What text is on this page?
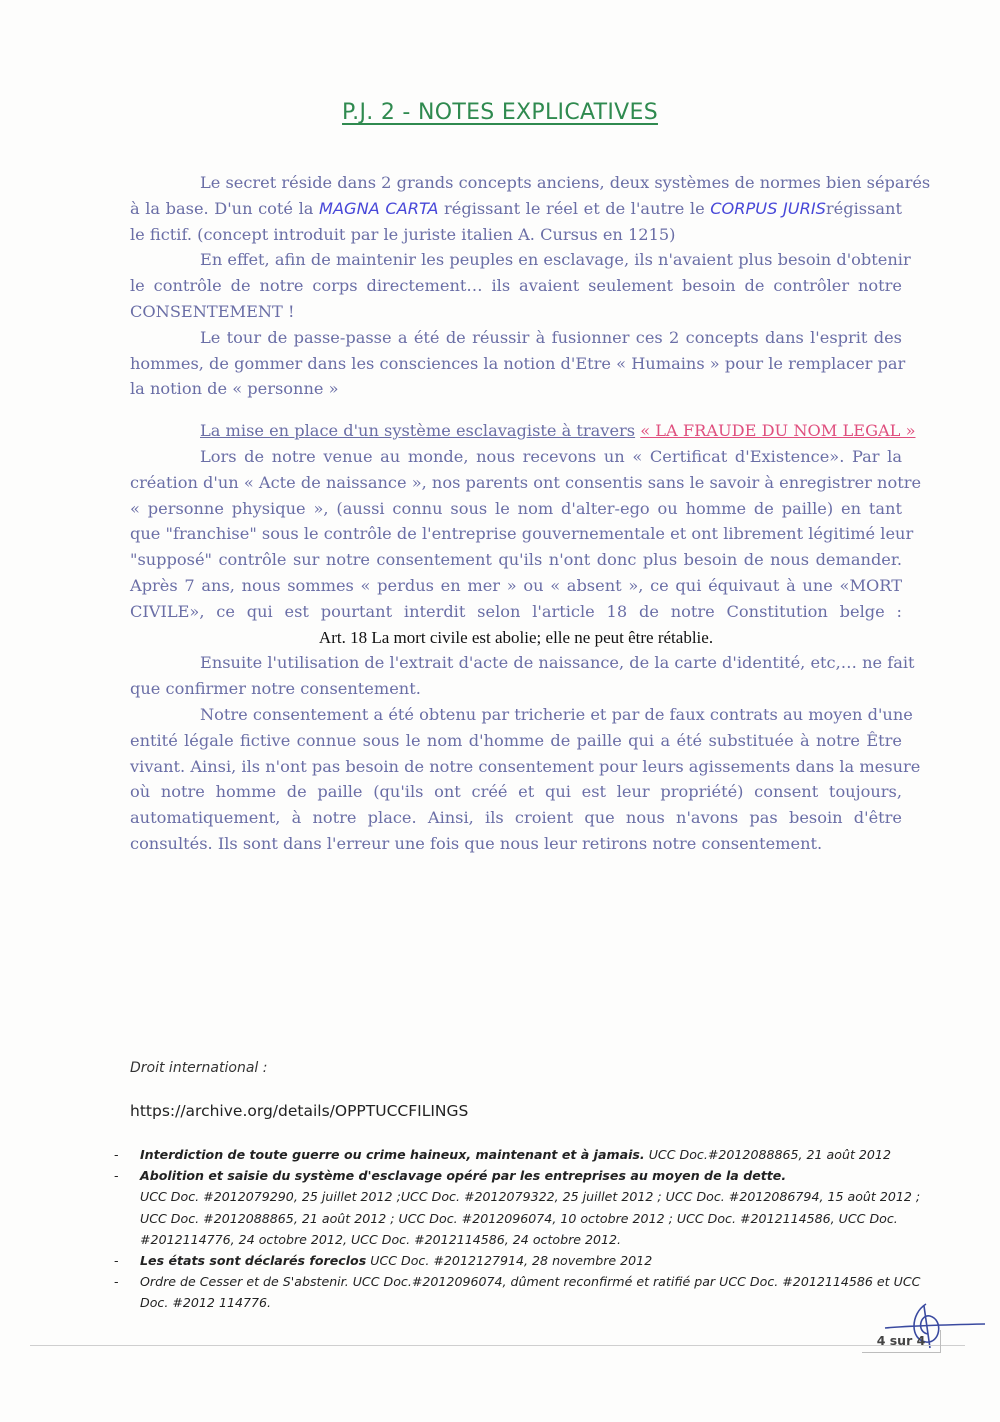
P.J. 2 - NOTES EXPLICATIVES
Le secret réside dans 2 grands concepts anciens, deux systèmes de normes bien séparés
à la base. D'un coté la MAGNA CARTA régissant le réel et de l'autre le CORPUS JURISrégissant
le fictif. (concept introduit par le juriste italien A. Cursus en 1215)
En effet, afin de maintenir les peuples en esclavage, ils n'avaient plus besoin d'obtenir
le contrôle de notre corps directement… ils avaient seulement besoin de contrôler notre
CONSENTEMENT !
Le tour de passe-passe a été de réussir à fusionner ces 2 concepts dans l'esprit des
hommes, de gommer dans les consciences la notion d'Etre « Humains » pour le remplacer par
la notion de « personne »
La mise en place d'un système esclavagiste à travers « LA FRAUDE DU NOM LEGAL »
Lors de notre venue au monde, nous recevons un « Certificat d'Existence». Par la
création d'un « Acte de naissance », nos parents ont consentis sans le savoir à enregistrer notre
« personne physique », (aussi connu sous le nom d'alter-ego ou homme de paille) en tant
que "franchise" sous le contrôle de l'entreprise gouvernementale et ont librement légitimé leur
"supposé" contrôle sur notre consentement qu'ils n'ont donc plus besoin de nous demander.
Après 7 ans, nous sommes « perdus en mer » ou « absent », ce qui équivaut à une «MORT
CIVILE», ce qui est pourtant interdit selon l'article 18 de notre Constitution belge :
Art. 18 La mort civile est abolie; elle ne peut être rétablie.
Ensuite l'utilisation de l'extrait d'acte de naissance, de la carte d'identité, etc,… ne fait
que confirmer notre consentement.
Notre consentement a été obtenu par tricherie et par de faux contrats au moyen d'une
entité légale fictive connue sous le nom d'homme de paille qui a été substituée à notre Être
vivant. Ainsi, ils n'ont pas besoin de notre consentement pour leurs agissements dans la mesure
où notre homme de paille (qu'ils ont créé et qui est leur propriété) consent toujours,
automatiquement, à notre place. Ainsi, ils croient que nous n'avons pas besoin d'être
consultés. Ils sont dans l'erreur une fois que nous leur retirons notre consentement.
Droit international :
https://archive.org/details/OPPTUCCFILINGS
- Interdiction de toute guerre ou crime haineux, maintenant et à jamais. UCC Doc.#2012088865, 21 août 2012
- Abolition et saisie du système d'esclavage opéré par les entreprises au moyen de la dette.
UCC Doc. #2012079290, 25 juillet 2012 ;UCC Doc. #2012079322, 25 juillet 2012 ; UCC Doc. #2012086794, 15 août 2012 ; UCC Doc. #2012088865, 21 août 2012 ; UCC Doc. #2012096074, 10 octobre 2012 ; UCC Doc. #2012114586, UCC Doc. #2012114776, 24 octobre 2012, UCC Doc. #2012114586, 24 octobre 2012.
- Les états sont déclarés foreclos UCC Doc. #2012127914, 28 novembre 2012
- Ordre de Cesser et de S'abstenir. UCC Doc.#2012096074, dûment reconfirmé et ratifié par UCC Doc. #2012114586 et UCC Doc. #2012 114776.
4 sur 4
